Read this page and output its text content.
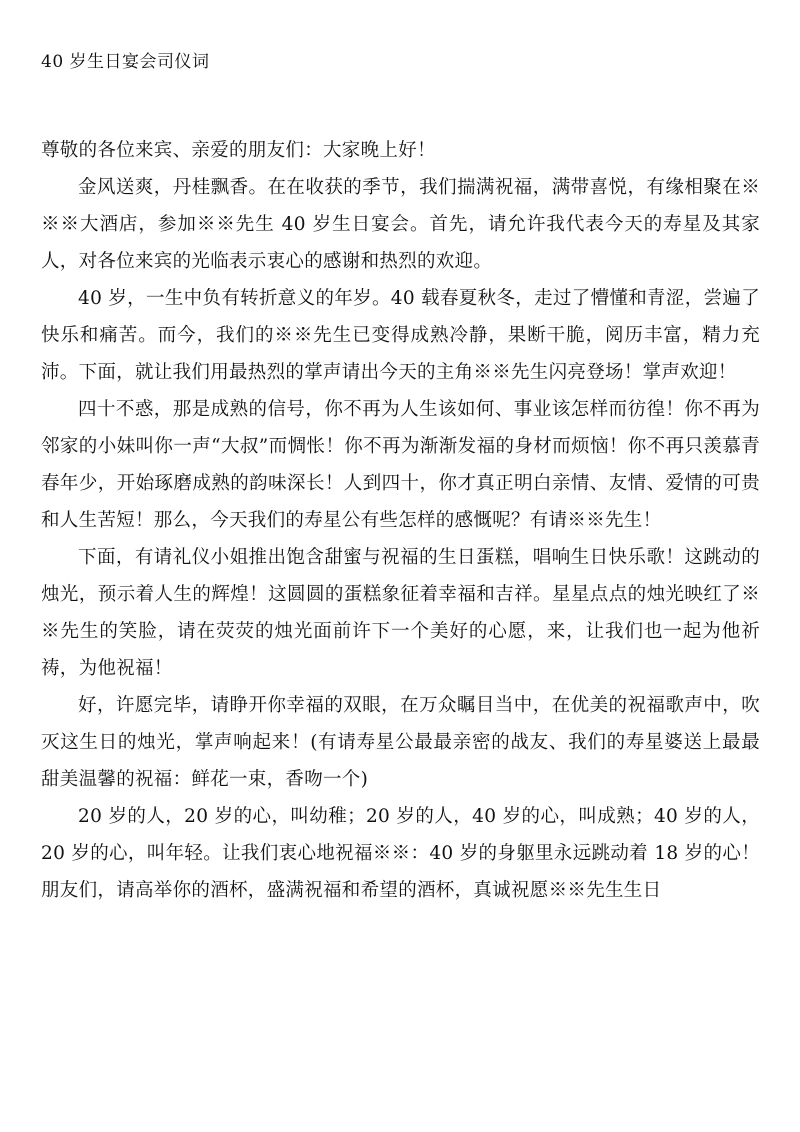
40 岁生日宴会司仪词

尊敬的各位来宾、亲爱的朋友们：大家晚上好！

金风送爽，丹桂飘香。在在收获的季节，我们揣满祝福，满带喜悦，有缘相聚在※※※大酒店，参加※※先生 40 岁生日宴会。首先，请允许我代表今天的寿星及其家人，对各位来宾的光临表示衷心的感谢和热烈的欢迎。

40 岁，一生中负有转折意义的年岁。40 载春夏秋冬，走过了懵懂和青涩，尝遍了快乐和痛苦。而今，我们的※※先生已变得成熟冷静，果断干脆，阅历丰富，精力充沛。下面，就让我们用最热烈的掌声请出今天的主角※※先生闪亮登场！掌声欢迎！

四十不惑，那是成熟的信号，你不再为人生该如何、事业该怎样而彷徨！你不再为邻家的小妹叫你一声“大叔”而惆怅！你不再为渐渐发福的身材而烦恼！你不再只羡慕青春年少，开始琢磨成熟的韵味深长！人到四十，你才真正明白亲情、友情、爱情的可贵和人生苦短！那么，今天我们的寿星公有些怎样的感慨呢？有请※※先生！

下面，有请礼仪小姐推出饱含甜蜜与祝福的生日蛋糕，唱响生日快乐歌！这跳动的烛光，预示着人生的辉煌！这圆圆的蛋糕象征着幸福和吉祥。星星点点的烛光映红了※※先生的笑脸，请在荧荧的烛光面前许下一个美好的心愿，来，让我们也一起为他祈祷，为他祝福！

好，许愿完毕，请睁开你幸福的双眼，在万众瞩目当中，在优美的祝福歌声中，吹灭这生日的烛光，掌声响起来！(有请寿星公最最亲密的战友、我们的寿星婆送上最最甜美温馨的祝福：鲜花一束，香吻一个)

20 岁的人，20 岁的心，叫幼稚；20 岁的人，40 岁的心，叫成熟；40 岁的人，20 岁的心，叫年轻。让我们衷心地祝福※※：40 岁的身躯里永远跳动着 18 岁的心！朋友们，请高举你的酒杯，盛满祝福和希望的酒杯，真诚祝愿※※先生生日
